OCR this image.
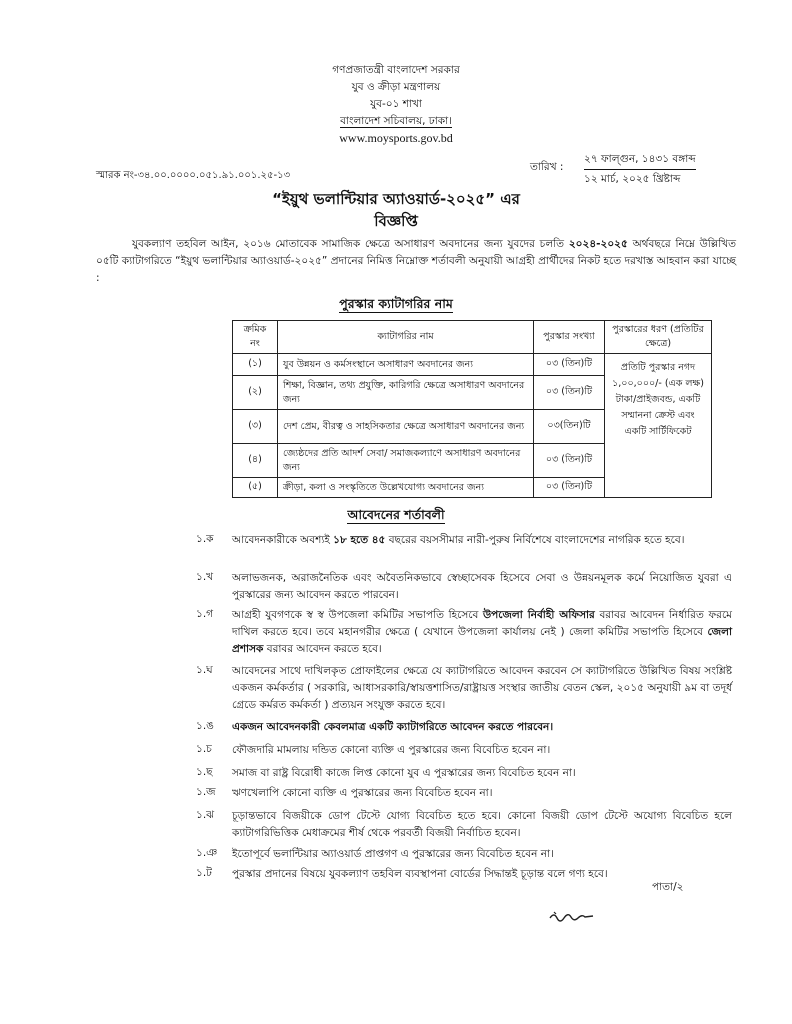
গণপ্রজাতন্ত্রী বাংলাদেশ সরকার
যুব ও ক্রীড়া মন্ত্রণালয়
যুব-০১ শাখা
বাংলাদেশ সচিবালয়, ঢাকা।
www.moysports.gov.bd
স্মারক নং-৩৪.০০.০০০০.০৫১.৯১.০০১.২৫-১৩
তারিখ :
২৭ ফাল্গুন, ১৪৩১ বঙ্গাব্দ
১২ মার্চ, ২০২৫ খ্রিষ্টাব্দ
“ইয়ুথ ভলান্টিয়ার অ্যাওয়ার্ড-২০২৫” এর
বিজ্ঞপ্তি
যুবকল্যাণ তহবিল আইন, ২০১৬ মোতাবেক সামাজিক ক্ষেত্রে অসাধারণ অবদানের জন্য যুবদের চলতি ২০২৪-২০২৫ অর্থবছরে নিম্নে উল্লিখিত ০৫টি ক্যাটাগরিতে “ইয়ুথ ভলান্টিয়ার অ্যাওয়ার্ড-২০২৫” প্রদানের নিমিত্ত নিম্নোক্ত শর্তাবলী অনুযায়ী আগ্রহী প্রার্থীদের নিকট হতে দরখাস্ত আহবান করা যাচ্ছে :
পুরস্কার ক্যাটাগরির নাম
ক্রমিক নং	ক্যাটাগরির নাম	পুরস্কার সংখ্যা	পুরস্কারের ধরণ (প্রতিটির ক্ষেত্রে)
(১)	যুব উন্নয়ন ও কর্মসংস্থানে অসাধারণ অবদানের জন্য	০৩ (তিন)টি	প্রতিটি পুরস্কার নগদ ১,০০,০০০/- (এক লক্ষ) টাকা/প্রাইজবন্ড, একটি সম্মাননা ক্রেস্ট এবং একটি সার্টিফিকেট
(২)	শিক্ষা, বিজ্ঞান, তথ্য প্রযুক্তি, কারিগরি ক্ষেত্রে অসাধারণ অবদানের জন্য	০৩ (তিন)টি	
(৩)	দেশ প্রেম, বীরত্ব ও সাহসিকতার ক্ষেত্রে অসাধারণ অবদানের জন্য	০৩(তিন)টি	
(৪)	জ্যেষ্ঠদের প্রতি আদর্শ সেবা/ সমাজকল্যাণে অসাধারণ অবদানের জন্য	০৩ (তিন)টি	
(৫)	ক্রীড়া, কলা ও সংস্কৃতিতে উল্লেখযোগ্য অবদানের জন্য	০৩ (তিন)টি	
আবেদনের শর্তাবলী
১.ক আবেদনকারীকে অবশ্যই ১৮ হতে ৪৫ বছরের বয়সসীমার নারী-পুরুষ নির্বিশেষে বাংলাদেশের নাগরিক হতে হবে।
১.খ অলাভজনক, অরাজনৈতিক এবং অবৈতনিকভাবে স্বেচ্ছাসেবক হিসেবে সেবা ও উন্নয়নমূলক কর্মে নিয়োজিত যুবরা এ পুরস্কারের জন্য আবেদন করতে পারবেন।
১.গ আগ্রহী যুবগণকে স্ব স্ব উপজেলা কমিটির সভাপতি হিসেবে উপজেলা নির্বাহী অফিসার বরাবর আবেদন নির্ধারিত ফরমে দাখিল করতে হবে। তবে মহানগরীর ক্ষেত্রে ( যেখানে উপজেলা কার্যালয় নেই ) জেলা কমিটির সভাপতি হিসেবে জেলা প্রশাসক বরাবর আবেদন করতে হবে।
১.ঘ আবেদনের সাথে দাখিলকৃত প্রোফাইলের ক্ষেত্রে যে ক্যাটাগরিতে আবেদন করবেন সে ক্যাটাগরিতে উল্লিখিত বিষয় সংশ্লিষ্ট একজন কর্মকর্তার ( সরকারি, আধাসরকারি/স্বায়ত্তশাসিত/রাষ্ট্রায়ত্ত সংস্থার জাতীয় বেতন স্কেল, ২০১৫ অনুযায়ী ৯ম বা তদূর্ধ গ্রেডে কর্মরত কর্মকর্তা ) প্রত্যয়ন সংযুক্ত করতে হবে।
১.ঙ একজন আবেদনকারী কেবলমাত্র একটি ক্যাটাগরিতে আবেদন করতে পারবেন।
১.চ ফৌজদারি মামলায় দন্ডিত কোনো ব্যক্তি এ পুরস্কারের জন্য বিবেচিত হবেন না।
১.ছ সমাজ বা রাষ্ট্র বিরোধী কাজে লিপ্ত কোনো যুব এ পুরস্কারের জন্য বিবেচিত হবেন না।
১.জ ঋণখেলাপি কোনো ব্যক্তি এ পুরস্কারের জন্য বিবেচিত হবেন না।
১.ঝ চূড়ান্তভাবে বিজয়ীকে ডোপ টেস্টে যোগ্য বিবেচিত হতে হবে। কোনো বিজয়ী ডোপ টেস্টে অযোগ্য বিবেচিত হলে ক্যাটাগরিভিত্তিক মেধাক্রমের শীর্ষ থেকে পরবর্তী বিজয়ী নির্বাচিত হবেন।
১.ঞ ইতোপূর্বে ভলান্টিয়ার অ্যাওয়ার্ড প্রাপ্তগণ এ পুরস্কারের জন্য বিবেচিত হবেন না।
১.ট পুরস্কার প্রদানের বিষয়ে যুবকল্যাণ তহবিল ব্যবস্থাপনা বোর্ডের সিদ্ধান্তই চূড়ান্ত বলে গণ্য হবে।
পাতা/২
